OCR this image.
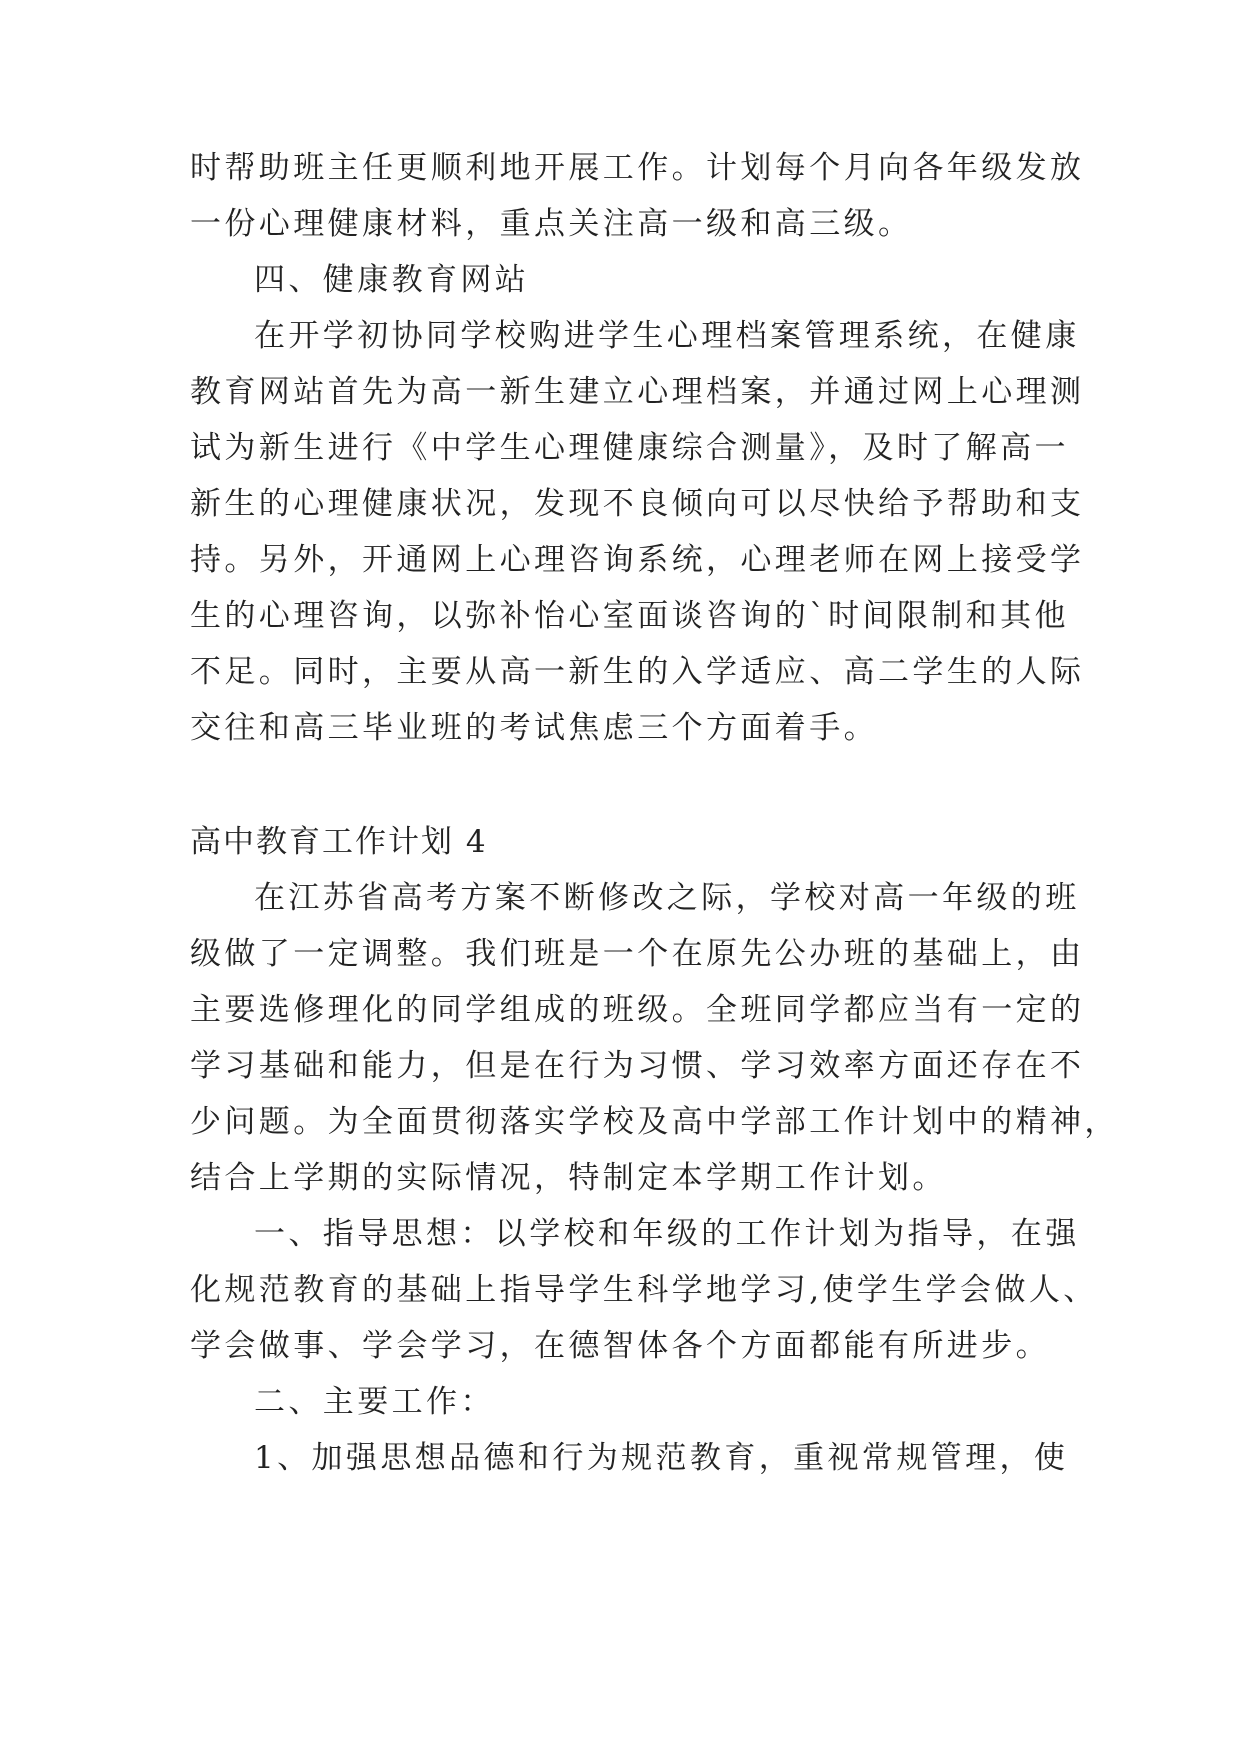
时帮助班主任更顺利地开展工作。计划每个月向各年级发放
一份心理健康材料，重点关注高一级和高三级。
四、健康教育网站
在开学初协同学校购进学生心理档案管理系统，在健康
教育网站首先为高一新生建立心理档案，并通过网上心理测
试为新生进行《中学生心理健康综合测量》，及时了解高一
新生的心理健康状况，发现不良倾向可以尽快给予帮助和支
持。另外，开通网上心理咨询系统，心理老师在网上接受学
生的心理咨询，以弥补怡心室面谈咨询的`时间限制和其他
不足。同时，主要从高一新生的入学适应、高二学生的人际
交往和高三毕业班的考试焦虑三个方面着手。
高中教育工作计划 4
在江苏省高考方案不断修改之际，学校对高一年级的班
级做了一定调整。我们班是一个在原先公办班的基础上，由
主要选修理化的同学组成的班级。全班同学都应当有一定的
学习基础和能力，但是在行为习惯、学习效率方面还存在不
少问题。为全面贯彻落实学校及高中学部工作计划中的精神，
结合上学期的实际情况，特制定本学期工作计划。
一、指导思想：以学校和年级的工作计划为指导，在强
化规范教育的基础上指导学生科学地学习,使学生学会做人、
学会做事、学会学习，在德智体各个方面都能有所进步。
二、主要工作：
1、加强思想品德和行为规范教育，重视常规管理，使
